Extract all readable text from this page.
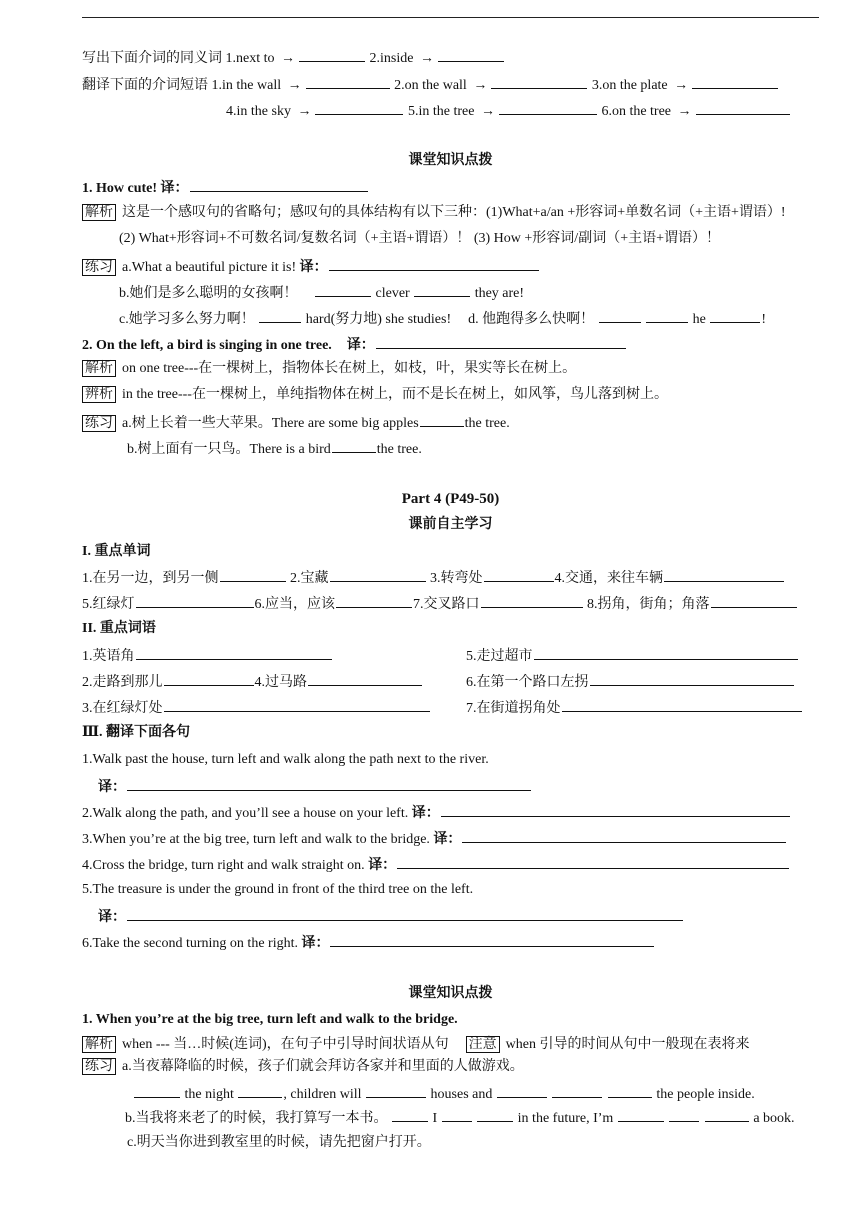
写出下面介词的同义词 1.next to →	2.inside →
翻译下面的介词短语 1.in the wall →	2.on the wall →	3.on the plate →
4.in the sky →	5.in the tree →	6.on the tree →
课堂知识点拨
1. How cute! 译：
解析 这是一个感叹句的省略句；感叹句的具体结构有以下三种：(1)What+a/an +形容词+单数名词（+主语+谓语）!
(2) What+形容词+不可数名词/复数名词（+主语+谓语）！ (3) How +形容词/副词（+主语+谓语）！
练习 a.What a beautiful picture it is! 译：
b.她们是多么聪明的女孩啊！	clever	they are!
c.她学习多么努力啊！	hard(努力地) she studies! d. 他跑得多么快啊！	he	!
2. On the left, a bird is singing in one tree. 译：
解析 on one tree---在一棵树上，指物体长在树上，如枝，叶，果实等长在树上。
辨析 in the tree---在一棵树上，单纯指物体在树上，而不是长在树上，如风筝，鸟儿落到树上。
练习 a.树上长着一些大苹果。There are some big apples	the tree.
b.树上面有一只鸟。There is a bird	the tree.
Part 4 (P49-50)
课前自主学习
I. 重点单词
1.在另一边，到另一侧	2.宝藏	3.转弯处	4.交通，来往车辆
5.红绿灯	6.应当，应该	7.交叉路口	8.拐角，街角；角落
II. 重点词语
1.英语角	5.走过超市
2.走路到那儿	4.过马路	6.在第一个路口左拐
3.在红绿灯处	7.在街道拐角处
Ⅲ. 翻译下面各句
1.Walk past the house, turn left and walk along the path next to the river.
译：
2.Walk along the path, and you’ll see a house on your left. 译：
3.When you’re at the big tree, turn left and walk to the bridge. 译：
4.Cross the bridge, turn right and walk straight on. 译：
5.The treasure is under the ground in front of the third tree on the left.
译：
6.Take the second turning on the right. 译：
课堂知识点拨
1. When you’re at the big tree, turn left and walk to the bridge.
解析 when --- 当…时候(连词)，在句子中引导时间状语从句 注意 when 引导的时间从句中一般现在表将来
练习 a.当夜幕降临的时候，孩子们就会拜访各家并和里面的人做游戏。
the night	, children will	houses and	the people inside.
b.当我将来老了的时候，我打算写一本书。	I	in the future, I’m	a book.
c.明天当你进到教室里的时候，请先把窗户打开。
